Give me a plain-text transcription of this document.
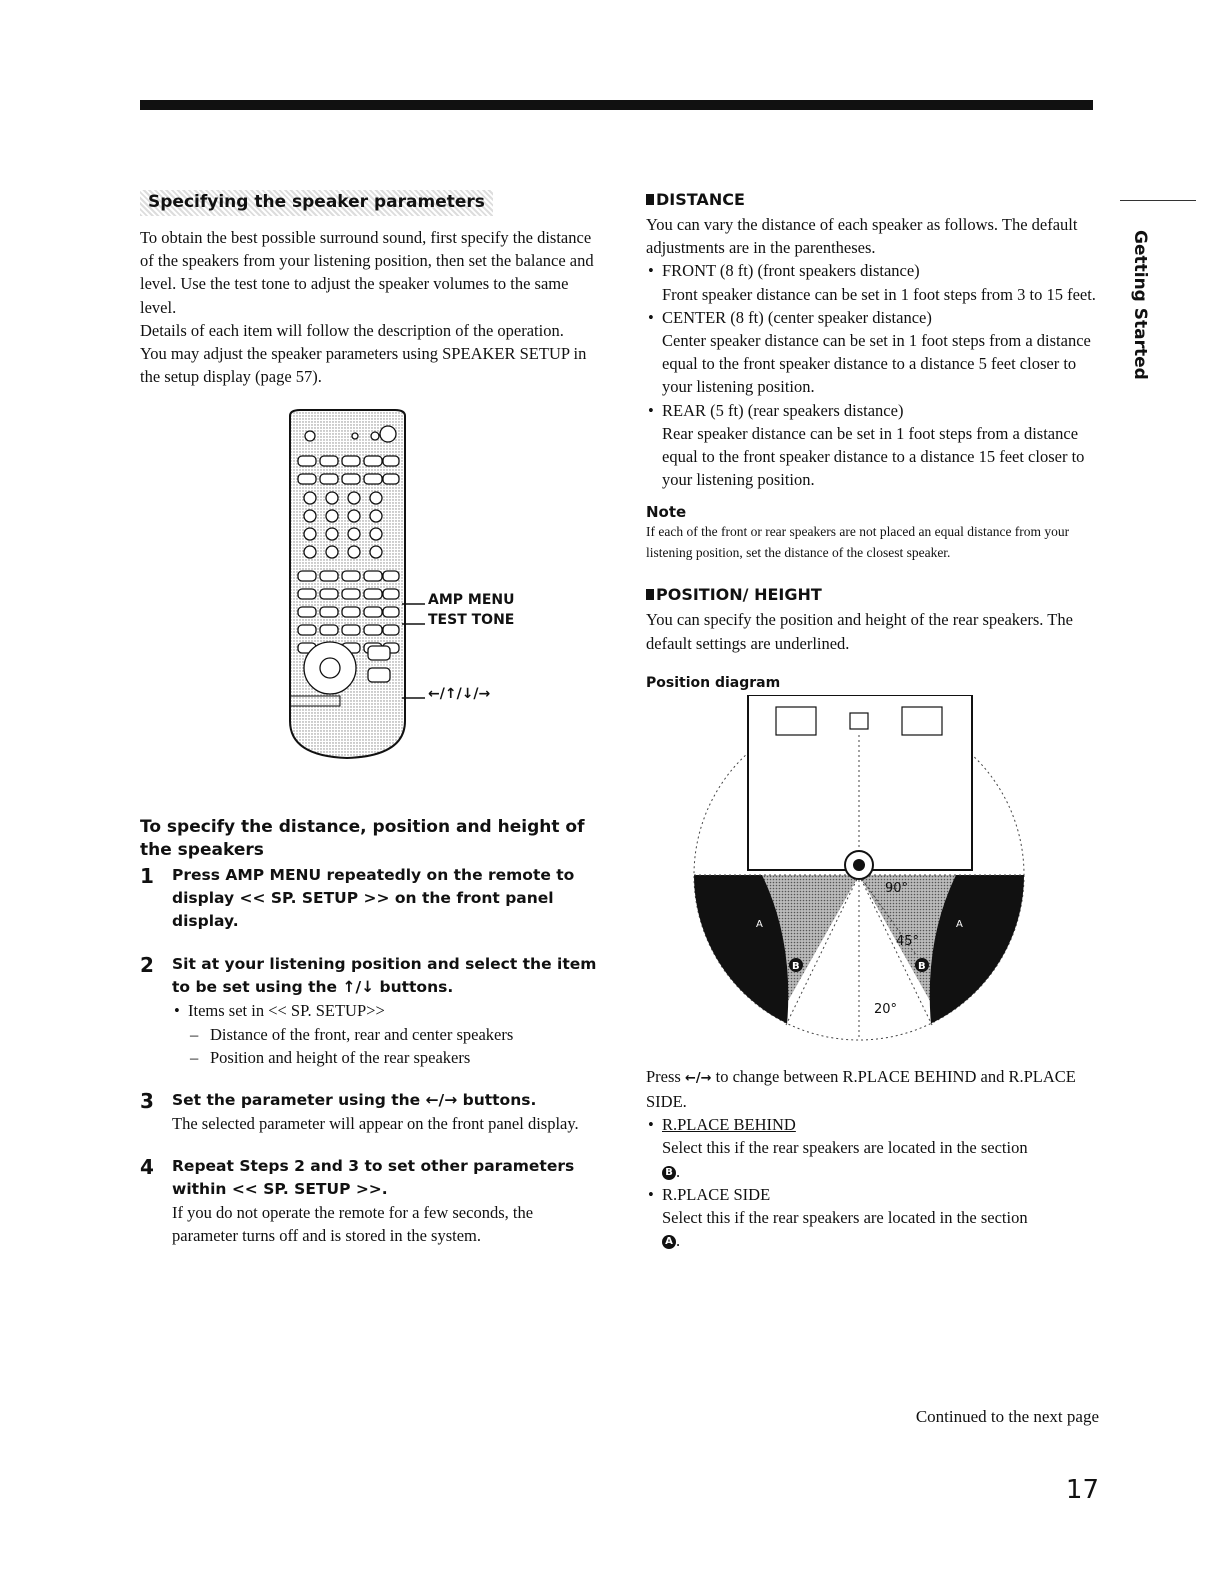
Specifying the speaker parameters

To obtain the best possible surround sound, first specify the distance of the speakers from your listening position, then set the balance and level. Use the test tone to adjust the speaker volumes to the same level.

Details of each item will follow the description of the operation.

You may adjust the speaker parameters using SPEAKER SETUP in the setup display (page 57).

AMP MENU
TEST TONE
←/↑/↓/→
To specify the distance, position and height of the speakers
1	Press AMP MENU repeatedly on the remote to display << SP. SETUP >> on the front panel display.
2	Sit at your listening position and select the item to be set using the ↑/↓ buttons.
• Items set in << SP. SETUP>>
– Distance of the front, rear and center speakers
– Position and height of the rear speakers
3	Set the parameter using the ←/→ buttons.

The selected parameter will appear on the front panel display.

4	Repeat Steps 2 and 3 to set other parameters within << SP. SETUP >>.

If you do not operate the remote for a few seconds, the parameter turns off and is stored in the system.

DISTANCE

You can vary the distance of each speaker as follows. The default adjustments are in the parentheses.

• FRONT (8 ft) (front speakers distance)
Front speaker distance can be set in 1 foot steps from 3 to 15 feet.
• CENTER (8 ft) (center speaker distance)
Center speaker distance can be set in 1 foot steps from a distance equal to the front speaker distance to a distance 5 feet closer to your listening position.
• REAR (5 ft) (rear speakers distance)
Rear speaker distance can be set in 1 foot steps from a distance equal to the front speaker distance to a distance 15 feet closer to your listening position.
Note
If each of the front or rear speakers are not placed an equal distance from your listening position, set the distance of the closest speaker.
POSITION/ HEIGHT

You can specify the position and height of the rear speakers. The default settings are underlined.

Position diagram
90°
45°
20°
A	A
B	B

Press ←/→ to change between R.PLACE BEHIND and R.PLACE SIDE.

• R.PLACE BEHIND
Select this if the rear speakers are located in the section
B .
• R.PLACE SIDE
Select this if the rear speakers are located in the section
A .
Getting Started
Continued to the next page
17
